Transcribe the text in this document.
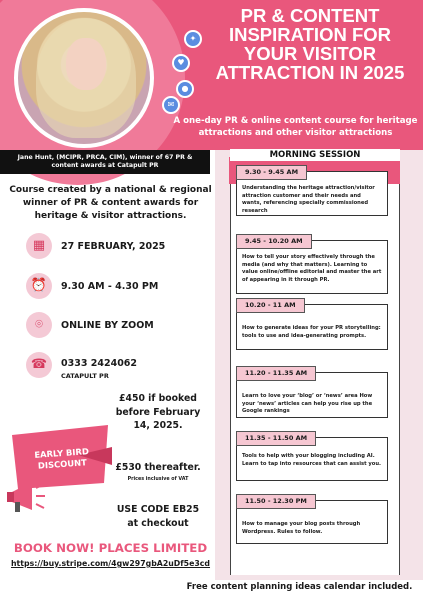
♥
●
✉
✦
PR & CONTENT INSPIRATION FOR YOUR VISITOR ATTRACTION IN 2025
A one-day PR & online content course for heritage attractions and other visitor attractions
Jane Hunt, (MCIPR, PRCA, CIM), winner of 67 PR & content awards at Catapult PR
MORNING SESSION
9.30 - 9.45 AM
Understanding the heritage attraction/visitor attraction customer and their needs and wants, referencing specially commissioned research
9.45 - 10.20 AM
How to tell your story effectively through the media (and why that matters). Learning to value online/offline editorial and master the art of appearing in it through PR.
10.20 - 11 AM
How to generate ideas for your PR storytelling: tools to use and idea-generating prompts.
11.20 - 11.35 AM
Learn to love your ‘blog’ or ‘news’ area How your ‘news’ articles can help you rise up the Google rankings
11.35 - 11.50 AM
Tools to help with your blogging including AI. Learn to tap into resources that can assist you.
11.50 - 12.30 PM
How to manage your blog posts through Wordpress. Rules to follow.
Course created by a national & regional winner of PR & content awards for heritage & visitor attractions.
▦	27 FEBRUARY, 2025
⏰	9.30 AM - 4.30 PM
⌾	ONLINE BY ZOOM
☎	0333 2424062
CATAPULT PR
EARLY BIRD DISCOUNT
£450 if booked before February 14, 2025.
£530 thereafter.
Prices inclusive of VAT
USE CODE EB25 at checkout
BOOK NOW! PLACES LIMITED
https://buy.stripe.com/4gw297gbA2uDf5e3cd
Free content planning ideas calendar included.
